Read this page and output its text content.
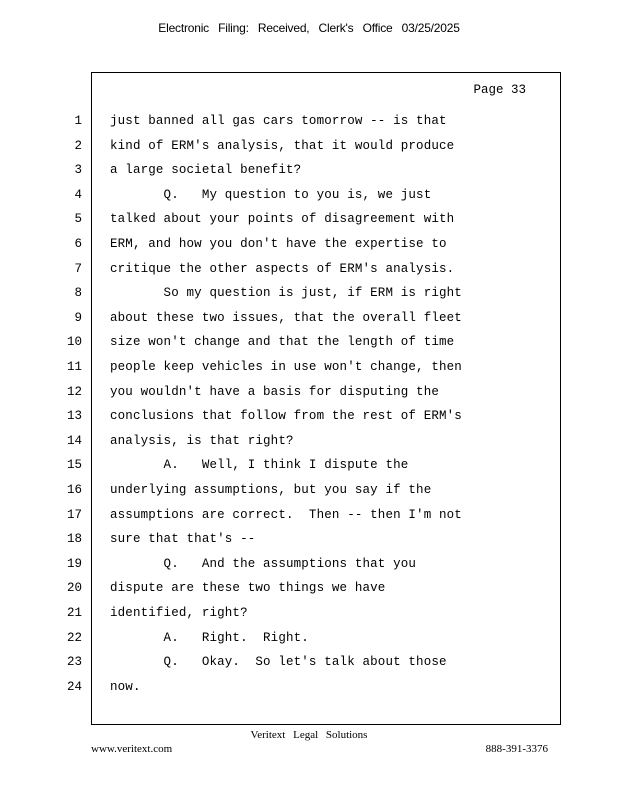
Electronic Filing: Received, Clerk's Office 03/25/2025
Page 33
1 just banned all gas cars tomorrow -- is that
2 kind of ERM's analysis, that it would produce
3 a large societal benefit?
4 Q.   My question to you is, we just
5 talked about your points of disagreement with
6 ERM, and how you don't have the expertise to
7 critique the other aspects of ERM's analysis.
8 So my question is just, if ERM is right
9 about these two issues, that the overall fleet
10 size won't change and that the length of time
11 people keep vehicles in use won't change, then
12 you wouldn't have a basis for disputing the
13 conclusions that follow from the rest of ERM's
14 analysis, is that right?
15 A.   Well, I think I dispute the
16 underlying assumptions, but you say if the
17 assumptions are correct.  Then -- then I'm not
18 sure that that's --
19 Q.   And the assumptions that you
20 dispute are these two things we have
21 identified, right?
22 A.   Right.  Right.
23 Q.   Okay.  So let's talk about those
24 now.
Veritext Legal Solutions
www.veritext.com	888-391-3376
